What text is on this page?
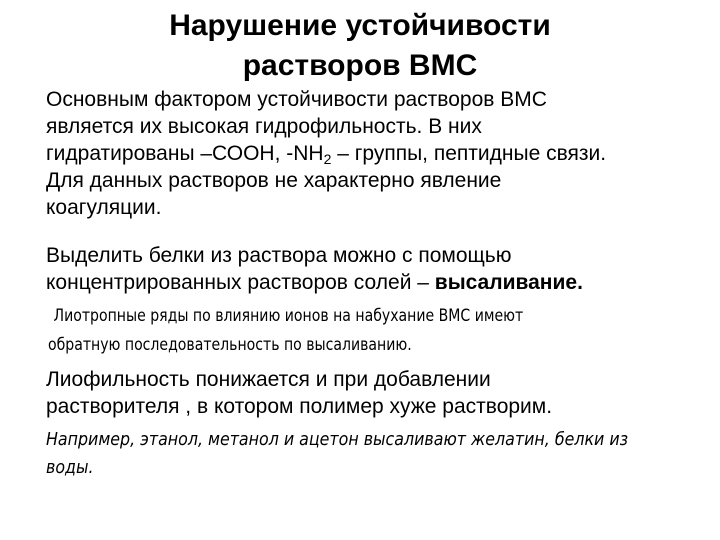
Нарушение устойчивости
растворов ВМС
Основным фактором устойчивости растворов ВМС
является их высокая гидрофильность. В них
гидратированы –СООН, $-NH_2$ – группы, пептидные связи.
Для данных растворов не характерно явление
коагуляции.
Выделить белки из раствора можно с помощью
концентрированных растворов солей – высаливание.
Лиотропные ряды по влиянию ионов на набухание ВМС имеют
обратную последовательность по высаливанию.
Лиофильность понижается и при добавлении
растворителя , в котором полимер хуже растворим.
Например, этанол, метанол и ацетон высаливают желатин, белки из
воды.
